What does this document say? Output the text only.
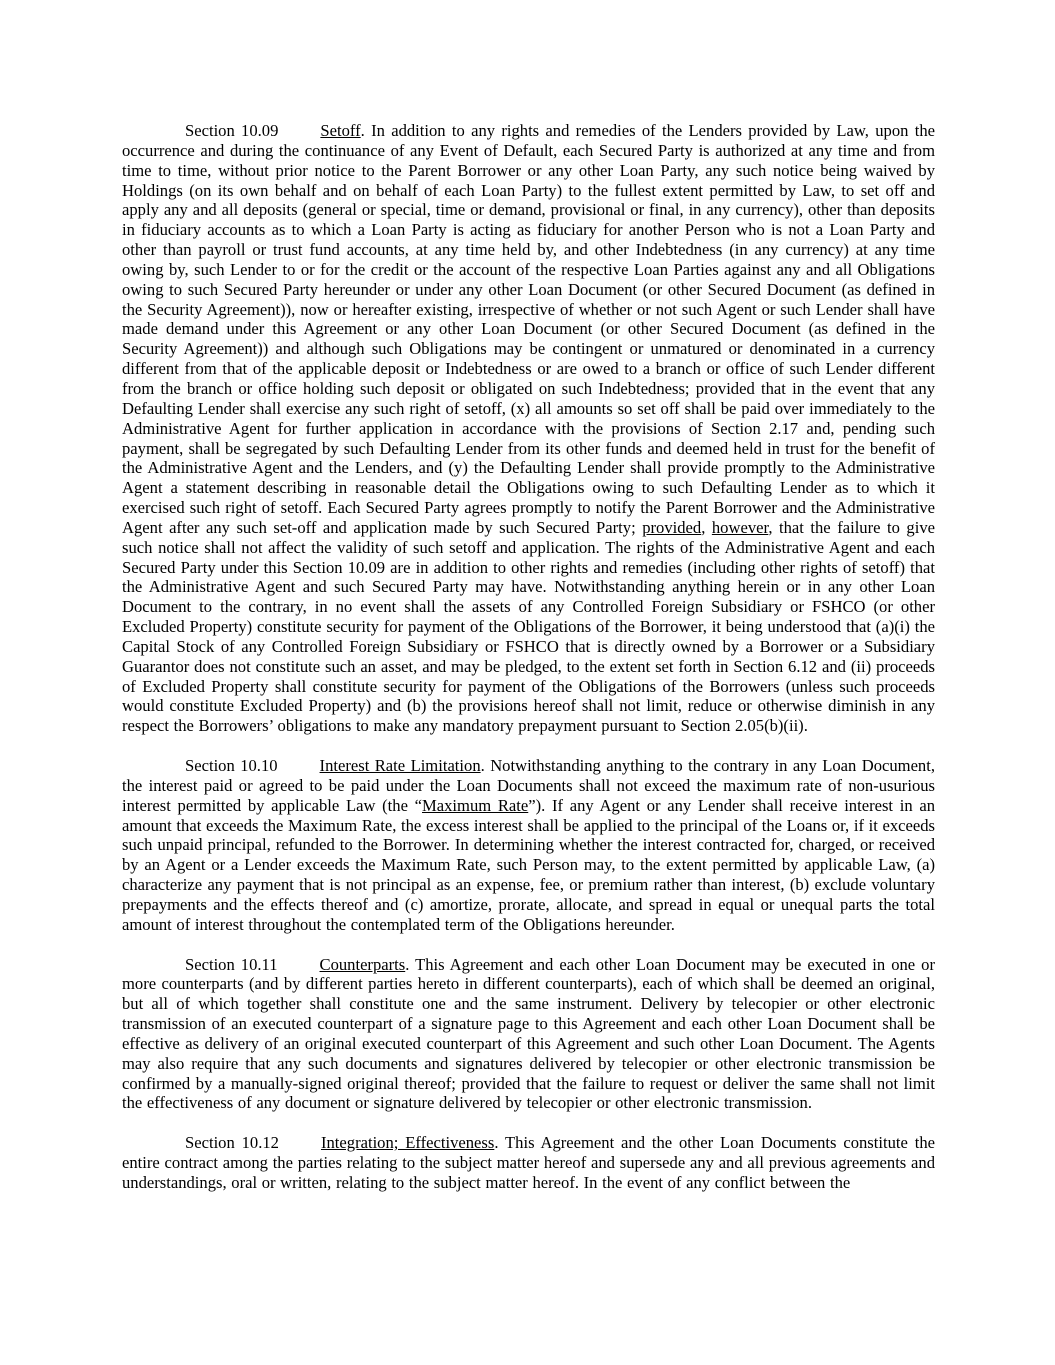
Section 10.09	Setoff. In addition to any rights and remedies of the Lenders provided by Law, upon the occurrence and during the continuance of any Event of Default, each Secured Party is authorized at any time and from time to time, without prior notice to the Parent Borrower or any other Loan Party, any such notice being waived by Holdings (on its own behalf and on behalf of each Loan Party) to the fullest extent permitted by Law, to set off and apply any and all deposits (general or special, time or demand, provisional or final, in any currency), other than deposits in fiduciary accounts as to which a Loan Party is acting as fiduciary for another Person who is not a Loan Party and other than payroll or trust fund accounts, at any time held by, and other Indebtedness (in any currency) at any time owing by, such Lender to or for the credit or the account of the respective Loan Parties against any and all Obligations owing to such Secured Party hereunder or under any other Loan Document (or other Secured Document (as defined in the Security Agreement)), now or hereafter existing, irrespective of whether or not such Agent or such Lender shall have made demand under this Agreement or any other Loan Document (or other Secured Document (as defined in the Security Agreement)) and although such Obligations may be contingent or unmatured or denominated in a currency different from that of the applicable deposit or Indebtedness or are owed to a branch or office of such Lender different from the branch or office holding such deposit or obligated on such Indebtedness; provided that in the event that any Defaulting Lender shall exercise any such right of setoff, (x) all amounts so set off shall be paid over immediately to the Administrative Agent for further application in accordance with the provisions of Section 2.17 and, pending such payment, shall be segregated by such Defaulting Lender from its other funds and deemed held in trust for the benefit of the Administrative Agent and the Lenders, and (y) the Defaulting Lender shall provide promptly to the Administrative Agent a statement describing in reasonable detail the Obligations owing to such Defaulting Lender as to which it exercised such right of setoff. Each Secured Party agrees promptly to notify the Parent Borrower and the Administrative Agent after any such set-off and application made by such Secured Party; provided, however, that the failure to give such notice shall not affect the validity of such setoff and application. The rights of the Administrative Agent and each Secured Party under this Section 10.09 are in addition to other rights and remedies (including other rights of setoff) that the Administrative Agent and such Secured Party may have. Notwithstanding anything herein or in any other Loan Document to the contrary, in no event shall the assets of any Controlled Foreign Subsidiary or FSHCO (or other Excluded Property) constitute security for payment of the Obligations of the Borrower, it being understood that (a)(i) the Capital Stock of any Controlled Foreign Subsidiary or FSHCO that is directly owned by a Borrower or a Subsidiary Guarantor does not constitute such an asset, and may be pledged, to the extent set forth in Section 6.12 and (ii) proceeds of Excluded Property shall constitute security for payment of the Obligations of the Borrowers (unless such proceeds would constitute Excluded Property) and (b) the provisions hereof shall not limit, reduce or otherwise diminish in any respect the Borrowers’ obligations to make any mandatory prepayment pursuant to Section 2.05(b)(ii).

Section 10.10	Interest Rate Limitation. Notwithstanding anything to the contrary in any Loan Document, the interest paid or agreed to be paid under the Loan Documents shall not exceed the maximum rate of non-usurious interest permitted by applicable Law (the “Maximum Rate”). If any Agent or any Lender shall receive interest in an amount that exceeds the Maximum Rate, the excess interest shall be applied to the principal of the Loans or, if it exceeds such unpaid principal, refunded to the Borrower. In determining whether the interest contracted for, charged, or received by an Agent or a Lender exceeds the Maximum Rate, such Person may, to the extent permitted by applicable Law, (a) characterize any payment that is not principal as an expense, fee, or premium rather than interest, (b) exclude voluntary prepayments and the effects thereof and (c) amortize, prorate, allocate, and spread in equal or unequal parts the total amount of interest throughout the contemplated term of the Obligations hereunder.

Section 10.11	Counterparts. This Agreement and each other Loan Document may be executed in one or more counterparts (and by different parties hereto in different counterparts), each of which shall be deemed an original, but all of which together shall constitute one and the same instrument. Delivery by telecopier or other electronic transmission of an executed counterpart of a signature page to this Agreement and each other Loan Document shall be effective as delivery of an original executed counterpart of this Agreement and such other Loan Document. The Agents may also require that any such documents and signatures delivered by telecopier or other electronic transmission be confirmed by a manually-signed original thereof; provided that the failure to request or deliver the same shall not limit the effectiveness of any document or signature delivered by telecopier or other electronic transmission.

Section 10.12	Integration; Effectiveness. This Agreement and the other Loan Documents constitute the entire contract among the parties relating to the subject matter hereof and supersede any and all previous agreements and understandings, oral or written, relating to the subject matter hereof. In the event of any conflict between the
